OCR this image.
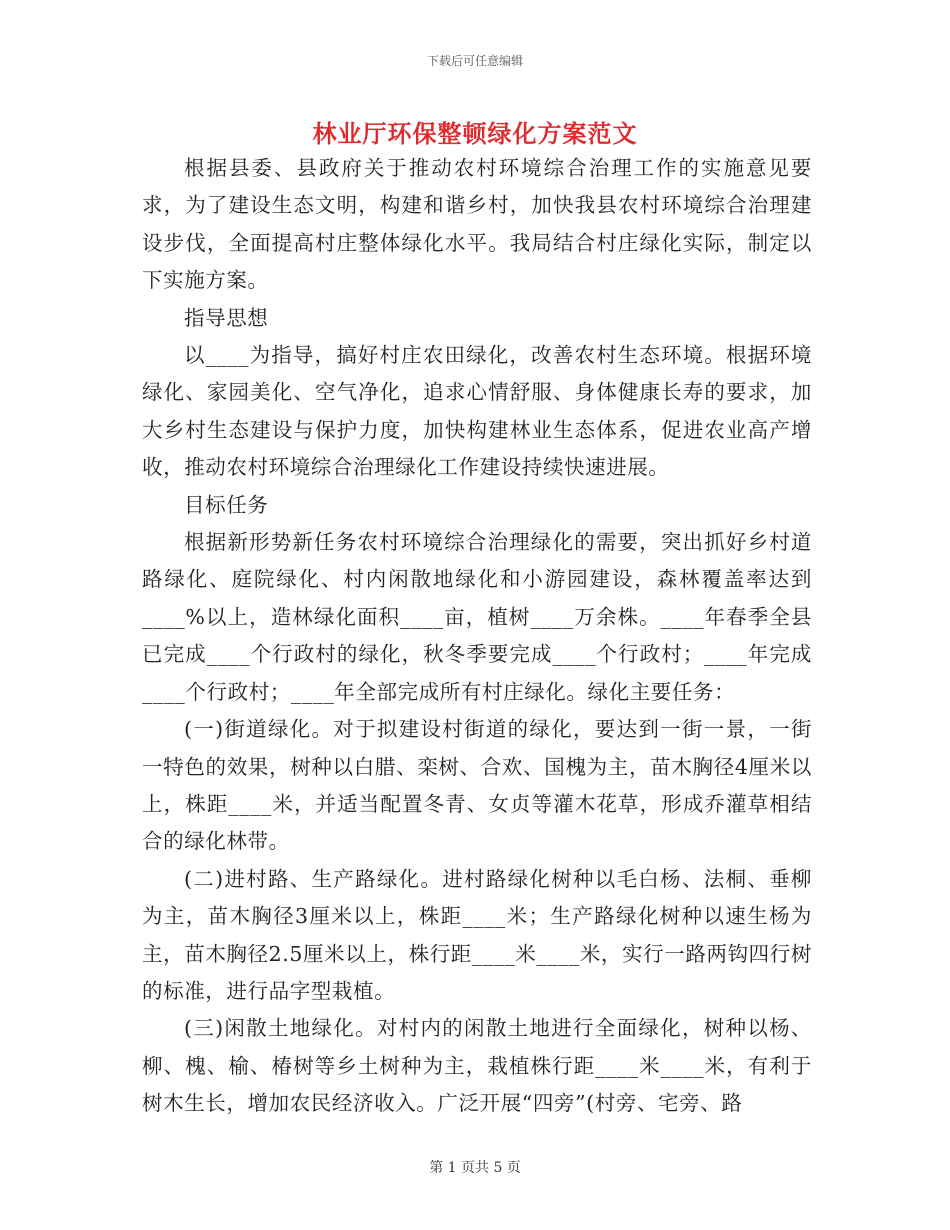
下载后可任意编辑
林业厅环保整顿绿化方案范文

根据县委、县政府关于推动农村环境综合治理工作的实施意见要求，为了建设生态文明，构建和谐乡村，加快我县农村环境综合治理建设步伐，全面提高村庄整体绿化水平。我局结合村庄绿化实际，制定以下实施方案。

指导思想

以____为指导，搞好村庄农田绿化，改善农村生态环境。根据环境绿化、家园美化、空气净化，追求心情舒服、身体健康长寿的要求，加大乡村生态建设与保护力度，加快构建林业生态体系，促进农业高产增收，推动农村环境综合治理绿化工作建设持续快速进展。

目标任务

根据新形势新任务农村环境综合治理绿化的需要，突出抓好乡村道路绿化、庭院绿化、村内闲散地绿化和小游园建设，森林覆盖率达到____%以上，造林绿化面积____亩，植树____万余株。____年春季全县已完成____个行政村的绿化，秋冬季要完成____个行政村；____年完成____个行政村；____年全部完成所有村庄绿化。绿化主要任务：

(一)街道绿化。对于拟建设村街道的绿化，要达到一街一景，一街一特色的效果，树种以白腊、栾树、合欢、国槐为主，苗木胸径4厘米以上，株距____米，并适当配置冬青、女贞等灌木花草，形成乔灌草相结合的绿化林带。

(二)进村路、生产路绿化。进村路绿化树种以毛白杨、法桐、垂柳为主，苗木胸径3厘米以上，株距____米；生产路绿化树种以速生杨为主，苗木胸径2.5厘米以上，株行距____米____米，实行一路两钩四行树的标准，进行品字型栽植。

(三)闲散土地绿化。对村内的闲散土地进行全面绿化，树种以杨、柳、槐、榆、椿树等乡土树种为主，栽植株行距____米____米，有利于树木生长，增加农民经济收入。广泛开展“四旁”(村旁、宅旁、路

第 1 页共 5 页
